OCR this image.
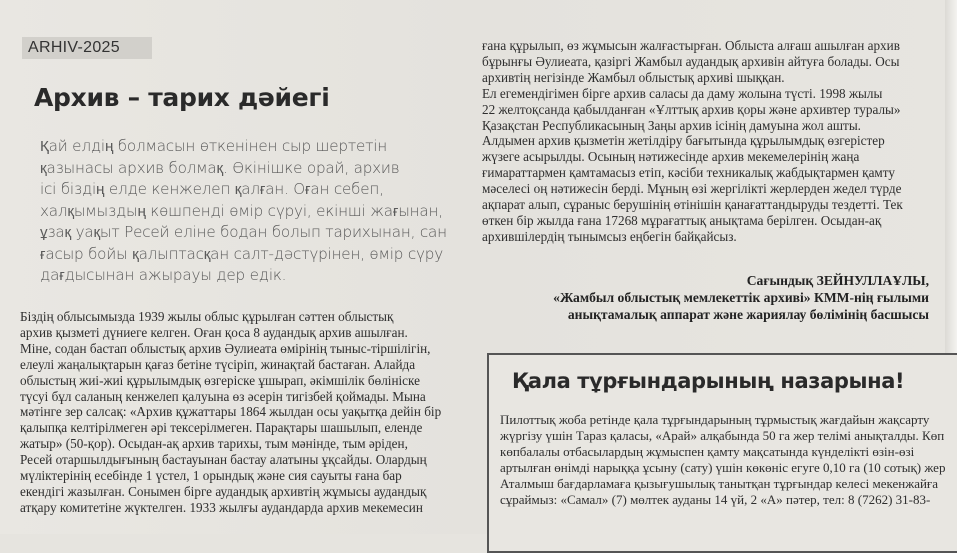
ARHIV-2025
Архив – тарих дәйегі
Қай елдің болмасын өткенінен сыр шертетін
қазынасы архив болмақ. Өкінішке орай, архив
ісі біздің елде кенжелеп қалған. Оған себеп,
халқымыздың көшпенді өмір сүруі, екінші жағынан,
ұзақ уақыт Ресей еліне бодан болып тарихынан, сан
ғасыр бойы қалыптасқан салт-дәстүрінен, өмір сүру
дағдысынан ажырауы дер едік.
Біздің облысымызда 1939 жылы облыс құрылған сәттен облыстық
архив қызметі дүниеге келген. Оған қоса 8 аудандық архив ашылған.
Міне, содан бастап облыстық архив Әулиеата өмірінің тыныс-тіршілігін,
елеулі жаңалықтарын қағаз бетіне түсіріп, жинақтай бастаған. Алайда
облыстың жиі-жиі құрылымдық өзгеріске ұшырап, әкімшілік бөлініске
түсуі бұл саланың кенжелеп қалуына өз әсерін тигізбей қоймады. Мына
мәтінге зер салсақ: «Архив құжаттары 1864 жылдан осы уақытқа дейін бір
қалыпқа келтірілмеген әрі тексерілмеген. Парақтары шашылып, еленде
жатыр» (50-қор). Осыдан-ақ архив тарихы, тым мәнінде, тым әріден,
Ресей отаршылдығының бастауынан бастау алатыны ұқсайды. Олардың
мүліктерінің есебінде 1 үстел, 1 орындық және сия сауыты ғана бар
екендігі жазылған. Сонымен бірге аудандық архивтің жұмысы аудандық
атқару комитетіне жүктелген. 1933 жылғы аудандарда архив мекемесин
ғана құрылып, өз жұмысын жалғастырған. Облыста алғаш ашылған архив
бұрынғы Әулиеата, қазіргі Жамбыл аудандық архивін айтуға болады. Осы
архивтің негізінде Жамбыл облыстық архиві шыққан.
Ел егемендігімен бірге архив саласы да даму жолына түсті. 1998 жылы
22 желтоқсанда қабылданған «Ұлттық архив қоры және архивтер туралы»
Қазақстан Республикасының Заңы архив ісінің дамуына жол ашты.
Алдымен архив қызметін жетілдіру бағытында құрылымдық өзгерістер
жүзеге асырылды. Осының нәтижесінде архив мекемелерінің жаңа
ғимараттармен қамтамасыз етіп, кәсіби техникалық жабдықтармен қамту
мәселесі оң нәтижесін берді. Мұның өзі жергілікті жерлерден жедел түрде
ақпарат алып, сұраныс берушінің өтінішін қанағаттандыруды тездетті. Тек
өткен бір жылда ғана 17268 мұрағаттық анықтама берілген. Осыдан-ақ
архившілердің тынымсыз еңбегін байқайсыз.
Сағындық ЗЕЙНУЛЛАҰЛЫ,
«Жамбыл облыстық мемлекеттік архиві» КММ-нің ғылыми
анықтамалық аппарат және жариялау бөлімінің басшысы
Қала тұрғындарының назарына!
Пилоттық жоба ретінде қала тұрғындарының тұрмыстық жағдайын жақсарту
жүргізу үшін Тараз қаласы, «Арай» алқабында 50 га жер телімі анықталды. Көп
көпбалалы отбасылардың жұмыспен қамту мақсатында күнделікті өзін-өзі
артылған өнімді нарыққа ұсыну (сату) үшін көкөніс егуге 0,10 га (10 сотық) жер
Аталмыш бағдарламаға қызығушылық танытқан тұрғындар келесі мекенжайға
сұраймыз: «Самал» (7) мөлтек ауданы 14 үй, 2 «А» пәтер, тел: 8 (7262) 31-83-
